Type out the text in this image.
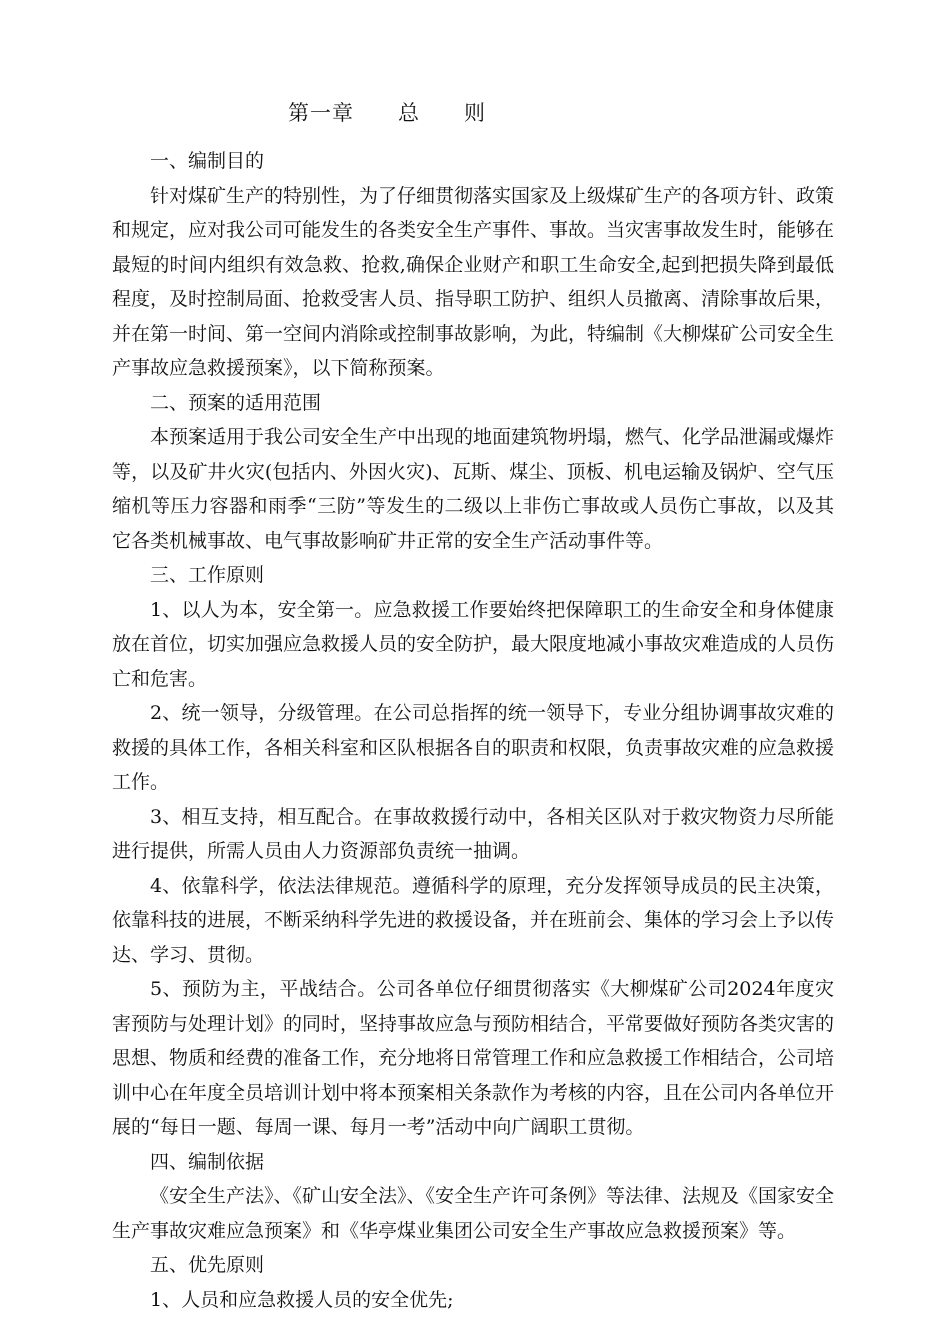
第一章　　总　　则

一、编制目的

针对煤矿生产的特别性，为了仔细贯彻落实国家及上级煤矿生产的各项方针、政策和规定，应对我公司可能发生的各类安全生产事件、事故。当灾害事故发生时，能够在最短的时间内组织有效急救、抢救,确保企业财产和职工生命安全,起到把损失降到最低程度，及时控制局面、抢救受害人员、指导职工防护、组织人员撤离、清除事故后果，并在第一时间、第一空间内消除或控制事故影响，为此，特编制《大柳煤矿公司安全生产事故应急救援预案》，以下简称预案。

二、预案的适用范围

本预案适用于我公司安全生产中出现的地面建筑物坍塌，燃气、化学品泄漏或爆炸等，以及矿井火灾(包括内、外因火灾)、瓦斯、煤尘、顶板、机电运输及锅炉、空气压缩机等压力容器和雨季“三防”等发生的二级以上非伤亡事故或人员伤亡事故，以及其它各类机械事故、电气事故影响矿井正常的安全生产活动事件等。

三、工作原则

1、以人为本，安全第一。应急救援工作要始终把保障职工的生命安全和身体健康放在首位，切实加强应急救援人员的安全防护，最大限度地减小事故灾难造成的人员伤亡和危害。

2、统一领导，分级管理。在公司总指挥的统一领导下，专业分组协调事故灾难的救援的具体工作，各相关科室和区队根据各自的职责和权限，负责事故灾难的应急救援工作。

3、相互支持，相互配合。在事故救援行动中，各相关区队对于救灾物资力尽所能进行提供，所需人员由人力资源部负责统一抽调。

4、依靠科学，依法法律规范。遵循科学的原理，充分发挥领导成员的民主决策，依靠科技的进展，不断采纳科学先进的救援设备，并在班前会、集体的学习会上予以传达、学习、贯彻。

5、预防为主，平战结合。公司各单位仔细贯彻落实《大柳煤矿公司2024年度灾害预防与处理计划》的同时，坚持事故应急与预防相结合，平常要做好预防各类灾害的思想、物质和经费的准备工作，充分地将日常管理工作和应急救援工作相结合，公司培训中心在年度全员培训计划中将本预案相关条款作为考核的内容，且在公司内各单位开展的“每日一题、每周一课、每月一考”活动中向广阔职工贯彻。

四、编制依据

《安全生产法》、《矿山安全法》、《安全生产许可条例》等法律、法规及《国家安全生产事故灾难应急预案》和《华亭煤业集团公司安全生产事故应急救援预案》等。

五、优先原则

1、人员和应急救援人员的安全优先;
